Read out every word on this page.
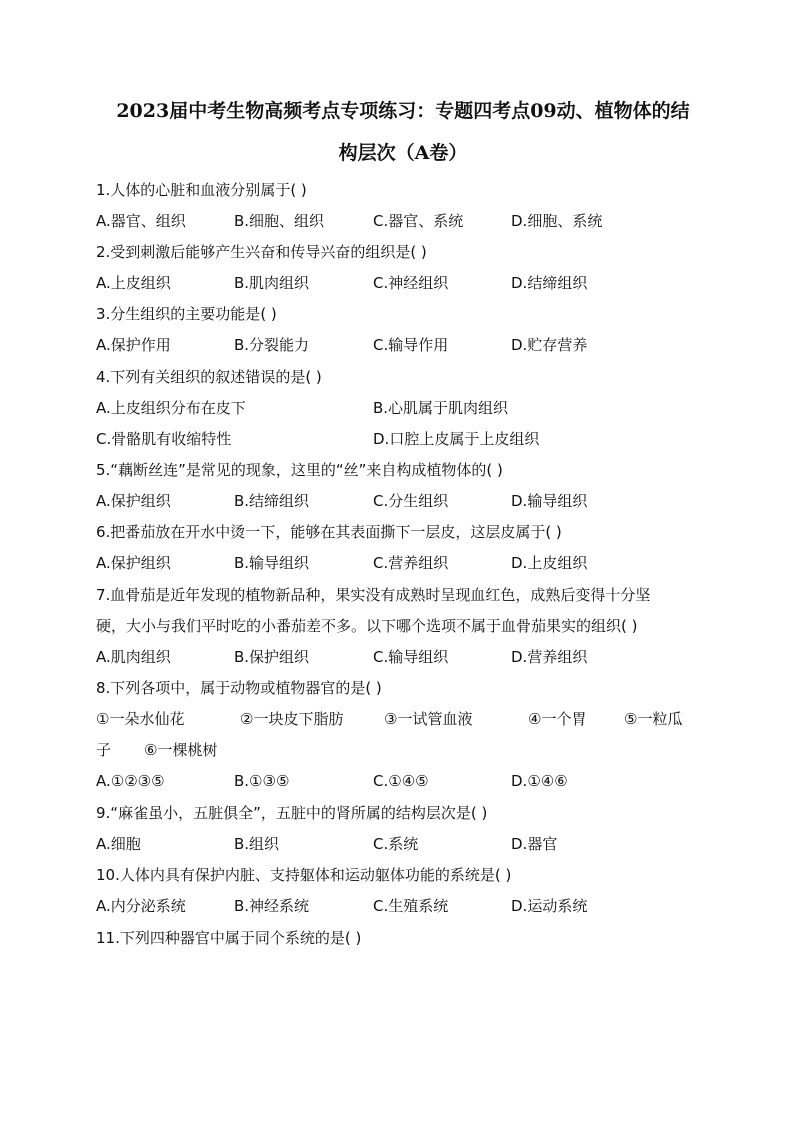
2023届中考生物高频考点专项练习：专题四考点09动、植物体的结
构层次（A卷）
1.人体的心脏和血液分别属于( )
A.器官、组织	B.细胞、组织	C.器官、系统	D.细胞、系统
2.受到刺激后能够产生兴奋和传导兴奋的组织是( )
A.上皮组织	B.肌肉组织	C.神经组织	D.结缔组织
3.分生组织的主要功能是( )
A.保护作用	B.分裂能力	C.输导作用	D.贮存营养
4.下列有关组织的叙述错误的是( )
A.上皮组织分布在皮下	B.心肌属于肌肉组织
C.骨骼肌有收缩特性	D.口腔上皮属于上皮组织
5.“藕断丝连”是常见的现象，这里的“丝”来自构成植物体的( )
A.保护组织	B.结缔组织	C.分生组织	D.输导组织
6.把番茄放在开水中烫一下，能够在其表面撕下一层皮，这层皮属于( )
A.保护组织	B.输导组织	C.营养组织	D.上皮组织
7.血骨茄是近年发现的植物新品种，果实没有成熟时呈现血红色，成熟后变得十分坚
硬，大小与我们平时吃的小番茄差不多。以下哪个选项不属于血骨茄果实的组织( )
A.肌肉组织	B.保护组织	C.输导组织	D.营养组织
8.下列各项中，属于动物或植物器官的是( )
①一朵水仙花	②一块皮下脂肪	③一试管血液	④一个胃	⑤一粒瓜
子 ⑥一棵桃树
A.①②③⑤	B.①③⑤	C.①④⑤	D.①④⑥
9.“麻雀虽小，五脏俱全”，五脏中的肾所属的结构层次是( )
A.细胞	B.组织	C.系统	D.器官
10.人体内具有保护内脏、支持躯体和运动躯体功能的系统是( )
A.内分泌系统	B.神经系统	C.生殖系统	D.运动系统
11.下列四种器官中属于同个系统的是( )
